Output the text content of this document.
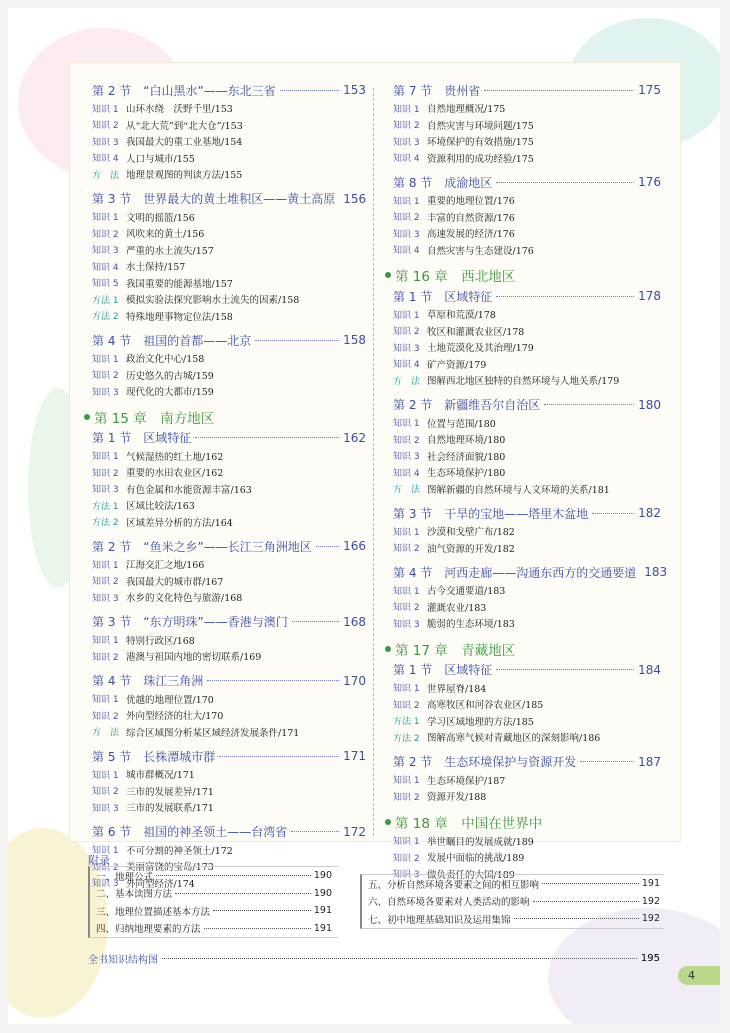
第 2 节　“白山黑水”——东北三省	153
知识 1 山环水绕　沃野千里/153
知识 2 从“北大荒”到“北大仓”/153
知识 3 我国最大的重工业基地/154
知识 4 人口与城市/155
方　法 地理景观图的判读方法/155
第 3 节　世界最大的黄土堆积区——黄土高原 156
知识 1 文明的摇篮/156
知识 2 风吹来的黄土/156
知识 3 严重的水土流失/157
知识 4 水土保持/157
知识 5 我国重要的能源基地/157
方法 1 模拟实验法探究影响水土流失的因素/158
方法 2 特殊地理事物定位法/158
第 4 节　祖国的首都——北京	158
知识 1 政治文化中心/158
知识 2 历史悠久的古城/159
知识 3 现代化的大都市/159
第 15 章　南方地区
第 1 节　区域特征	162
知识 1 气候湿热的红土地/162
知识 2 重要的水田农业区/162
知识 3 有色金属和水能资源丰富/163
方法 1 区域比较法/163
方法 2 区域差异分析的方法/164
第 2 节　“鱼米之乡”——长江三角洲地区	166
知识 1 江海交汇之地/166
知识 2 我国最大的城市群/167
知识 3 水乡的文化特色与旅游/168
第 3 节　“东方明珠”——香港与澳门	168
知识 1 特别行政区/168
知识 2 港澳与祖国内地的密切联系/169
第 4 节　珠江三角洲	170
知识 1 优越的地理位置/170
知识 2 外向型经济的壮大/170
方　法 综合区域图分析某区域经济发展条件/171
第 5 节　长株潭城市群	171
知识 1 城市群概况/171
知识 2 三市的发展差异/171
知识 3 三市的发展联系/171
第 6 节　祖国的神圣领土——台湾省	172
知识 1 不可分割的神圣领土/172
知识 2 美丽富饶的宝岛/173
知识 3 外向型经济/174
第 7 节　贵州省	175
知识 1 自然地理概况/175
知识 2 自然灾害与环境问题/175
知识 3 环境保护的有效措施/175
知识 4 资源利用的成功经验/175
第 8 节　成渝地区	176
知识 1 重要的地理位置/176
知识 2 丰富的自然资源/176
知识 3 高速发展的经济/176
知识 4 自然灾害与生态建设/176
第 16 章　西北地区
第 1 节　区域特征	178
知识 1 草原和荒漠/178
知识 2 牧区和灌溉农业区/178
知识 3 土地荒漠化及其治理/179
知识 4 矿产资源/179
方　法 图解西北地区独特的自然环境与人地关系/179
第 2 节　新疆维吾尔自治区	180
知识 1 位置与范围/180
知识 2 自然地理环境/180
知识 3 社会经济面貌/180
知识 4 生态环境保护/180
方　法 图解新疆的自然环境与人文环境的关系/181
第 3 节　干旱的宝地——塔里木盆地	182
知识 1 沙漠和戈壁广布/182
知识 2 油气资源的开发/182
第 4 节　河西走廊——沟通东西方的交通要道 183
知识 1 古今交通要道/183
知识 2 灌溉农业/183
知识 3 脆弱的生态环境/183
第 17 章　青藏地区
第 1 节　区域特征	184
知识 1 世界屋脊/184
知识 2 高寒牧区和河谷农业区/185
方法 1 学习区域地理的方法/185
方法 2 图解高寒气候对青藏地区的深刻影响/186
第 2 节　生态环境保护与资源开发	187
知识 1 生态环境保护/187
知识 2 资源开发/188
第 18 章　中国在世界中
知识 1 举世瞩目的发展成就/189
知识 2 发展中面临的挑战/189
知识 3 做负责任的大国/189
附录
一、地理公式	190
二、基本读图方法	190
三、地理位置描述基本方法	191
四、归纳地理要素的方法	191
五、分析自然环境各要素之间的相互影响	191
六、自然环境各要素对人类活动的影响	192
七、初中地理基础知识及运用集锦	192
全书知识结构图	195
4
